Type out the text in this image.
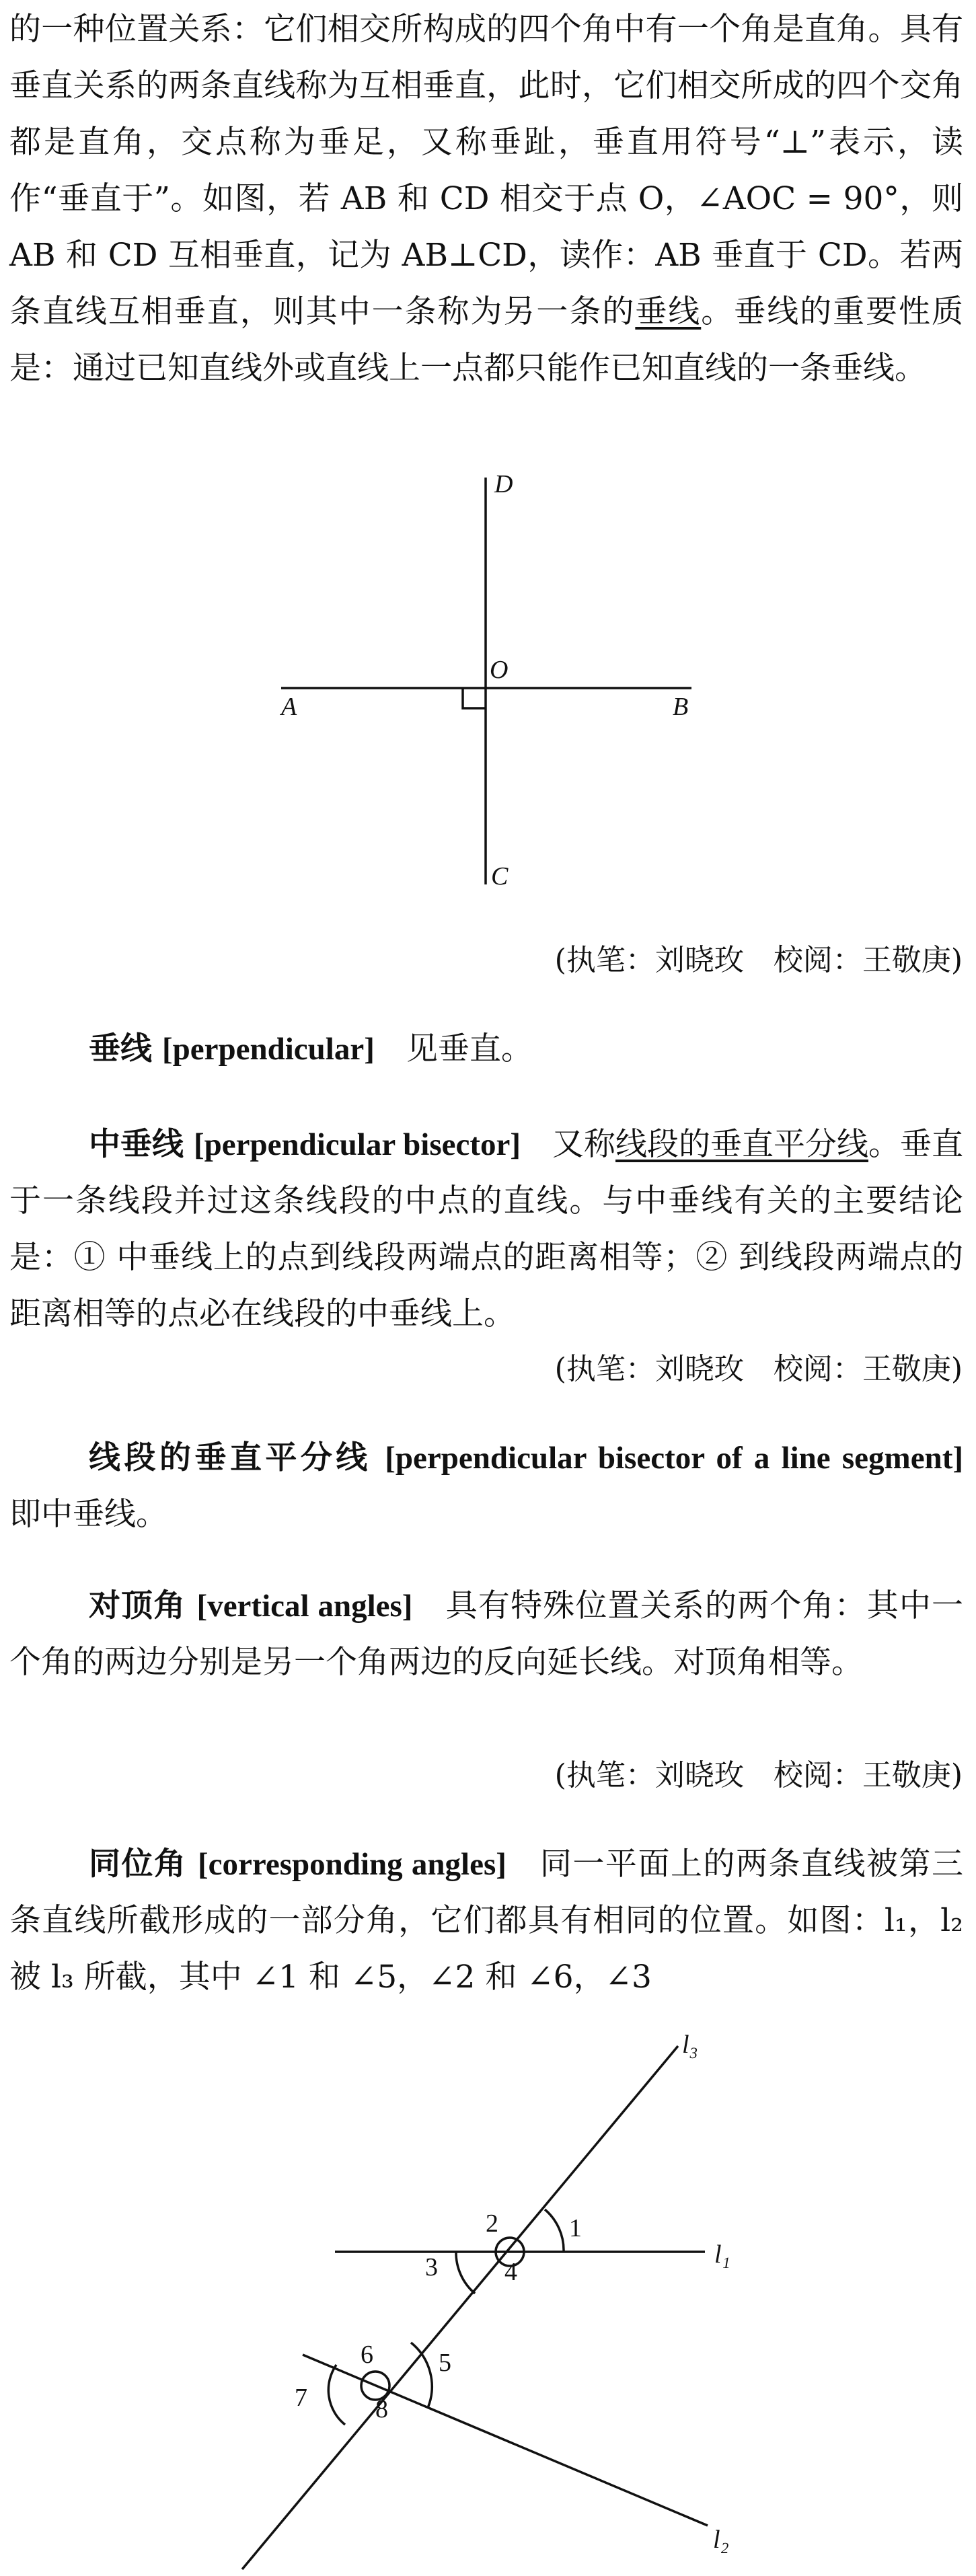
的一种位置关系：它们相交所构成的四个角中有一个角是直角。具有垂直关系的两条直线称为互相垂直，此时，它们相交所成的四个交角都是直角，交点称为垂足，又称垂趾，垂直用符号“⊥”表示，读作“垂直于”。如图，若 AB 和 CD 相交于点 O，∠AOC = 90°，则 AB 和 CD 互相垂直，记为 AB⊥CD，读作：AB 垂直于 CD。若两条直线互相垂直，则其中一条称为另一条的垂线。垂线的重要性质是：通过已知直线外或直线上一点都只能作已知直线的一条垂线。

D
O
A	B
C
(执笔：刘晓玫　校阅：王敬庚)

垂线 [perpendicular]　 见垂直。

中垂线 [perpendicular bisector]　 又称线段的垂直平分线。垂直于一条线段并过这条线段的中点的直线。与中垂线有关的主要结论是：① 中垂线上的点到线段两端点的距离相等；② 到线段两端点的距离相等的点必在线段的中垂线上。

(执笔：刘晓玫　校阅：王敬庚)

线段的垂直平分线 [perpendicular bisector of a line segment]　即中垂线。

对顶角 [vertical angles]　 具有特殊位置关系的两个角：其中一个角的两边分别是另一个角两边的反向延长线。对顶角相等。

(执笔：刘晓玫　校阅：王敬庚)

同位角 [corresponding angles]　 同一平面上的两条直线被第三条直线所截形成的一部分角，它们都具有相同的位置。如图：l₁，l₂ 被 l₃ 所截，其中 ∠1 和 ∠5，∠2 和 ∠6，∠3

l₃
l₁
l₂
1
2
3	4
5
6
7	8
